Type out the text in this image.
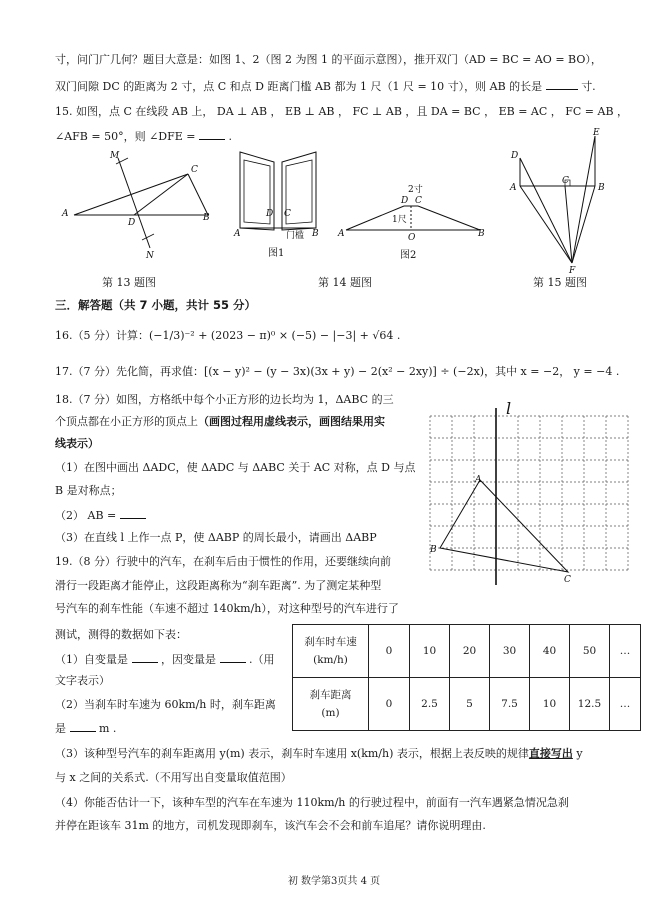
寸，问门广几何？题目大意是：如图 1、2（图 2 为图 1 的平面示意图），推开双门（AD = BC = AO = BO），
双门间隙 DC 的距离为 2 寸，点 C 和点 D 距离门槛 AB 都为 1 尺（1 尺 = 10 寸），则 AB 的长是	寸.
15. 如图，点 C 在线段 AB 上， DA ⊥ AB ， EB ⊥ AB ， FC ⊥ AB ，且 DA = BC ， EB = AC ， FC = AB ，
∠AFB = 50°，则 ∠DFE =	.
M
C
A
D	B
N
D C
A	B
门槛
图1
2寸
D C
1尺
A	O	B
图2
E
D
C
A	B
F
第 13 题图	第 14 题图	第 15 题图
三．解答题（共 7 小题，共计 55 分）
16.（5 分）计算：(−1/3)⁻² + (2023 − π)⁰ × (−5) − |−3| + √64 .
17.（7 分）先化简，再求值：[(x − y)² − (y − 3x)(3x + y) − 2(x² − 2xy)] ÷ (−2x)，其中 x = −2， y = −4 .
18.（7 分）如图，方格纸中每个小正方形的边长均为 1，ΔABC 的三
个顶点都在小正方形的顶点上（画图过程用虚线表示，画图结果用实
线表示）
（1）在图中画出 ΔADC，使 ΔADC 与 ΔABC 关于 AC 对称，点 D 与点
B 是对称点；
（2） AB =
（3）在直线 l 上作一点 P，使 ΔABP 的周长最小，请画出 ΔABP
l
A
B
C
19.（8 分）行驶中的汽车，在刹车后由于惯性的作用，还要继续向前
滑行一段距离才能停止，这段距离称为“刹车距离”. 为了测定某种型
号汽车的刹车性能（车速不超过 140km/h），对这种型号的汽车进行了
测试，测得的数据如下表：
（1）自变量是	，因变量是	.（用
文字表示）
（2）当刹车时车速为 60km/h 时，刹车距离
是	m .
刹车时车速
(km/h)	0	10	20	30	40	50	…

刹车距离
(m)	0	2.5	5	7.5	10	12.5	…
（3）该种型号汽车的刹车距离用 y(m) 表示，刹车时车速用 x(km/h) 表示，根据上表反映的规律直接写出 y
与 x 之间的关系式.（不用写出自变量取值范围）
（4）你能否估计一下，该种车型的汽车在车速为 110km/h 的行驶过程中，前面有一汽车遇紧急情况急刹
并停在距该车 31m 的地方，司机发现即刹车，该汽车会不会和前车追尾？请你说明理由.
初 数学第3页共 4 页
